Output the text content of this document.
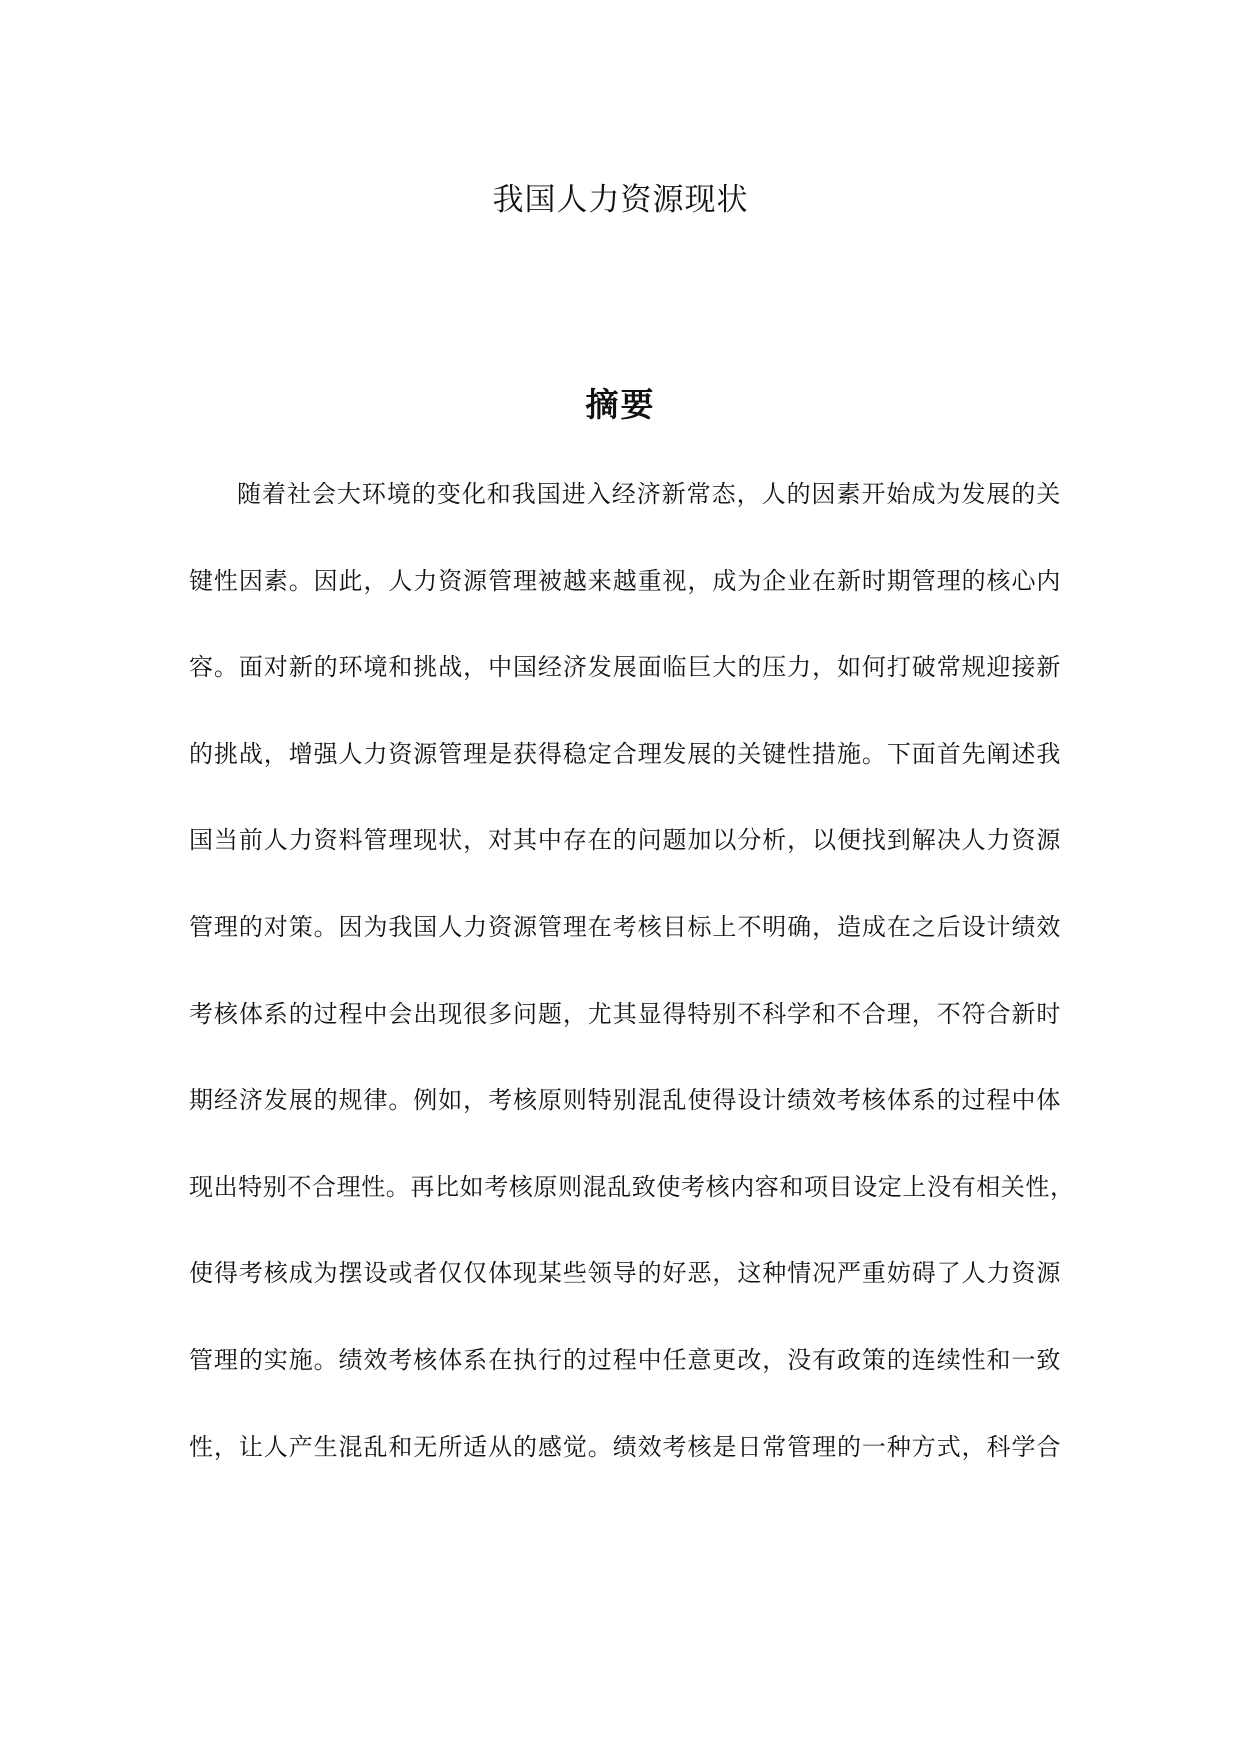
我国人力资源现状
摘要
随着社会大环境的变化和我国进入经济新常态，人的因素开始成为发展的关
键性因素。因此，人力资源管理被越来越重视，成为企业在新时期管理的核心内
容。面对新的环境和挑战，中国经济发展面临巨大的压力，如何打破常规迎接新
的挑战，增强人力资源管理是获得稳定合理发展的关键性措施。下面首先阐述我
国当前人力资料管理现状，对其中存在的问题加以分析，以便找到解决人力资源
管理的对策。因为我国人力资源管理在考核目标上不明确，造成在之后设计绩效
考核体系的过程中会出现很多问题，尤其显得特别不科学和不合理，不符合新时
期经济发展的规律。例如，考核原则特别混乱使得设计绩效考核体系的过程中体
现出特别不合理性。再比如考核原则混乱致使考核内容和项目设定上没有相关性，
使得考核成为摆设或者仅仅体现某些领导的好恶，这种情况严重妨碍了人力资源
管理的实施。绩效考核体系在执行的过程中任意更改，没有政策的连续性和一致
性，让人产生混乱和无所适从的感觉。绩效考核是日常管理的一种方式，科学合
